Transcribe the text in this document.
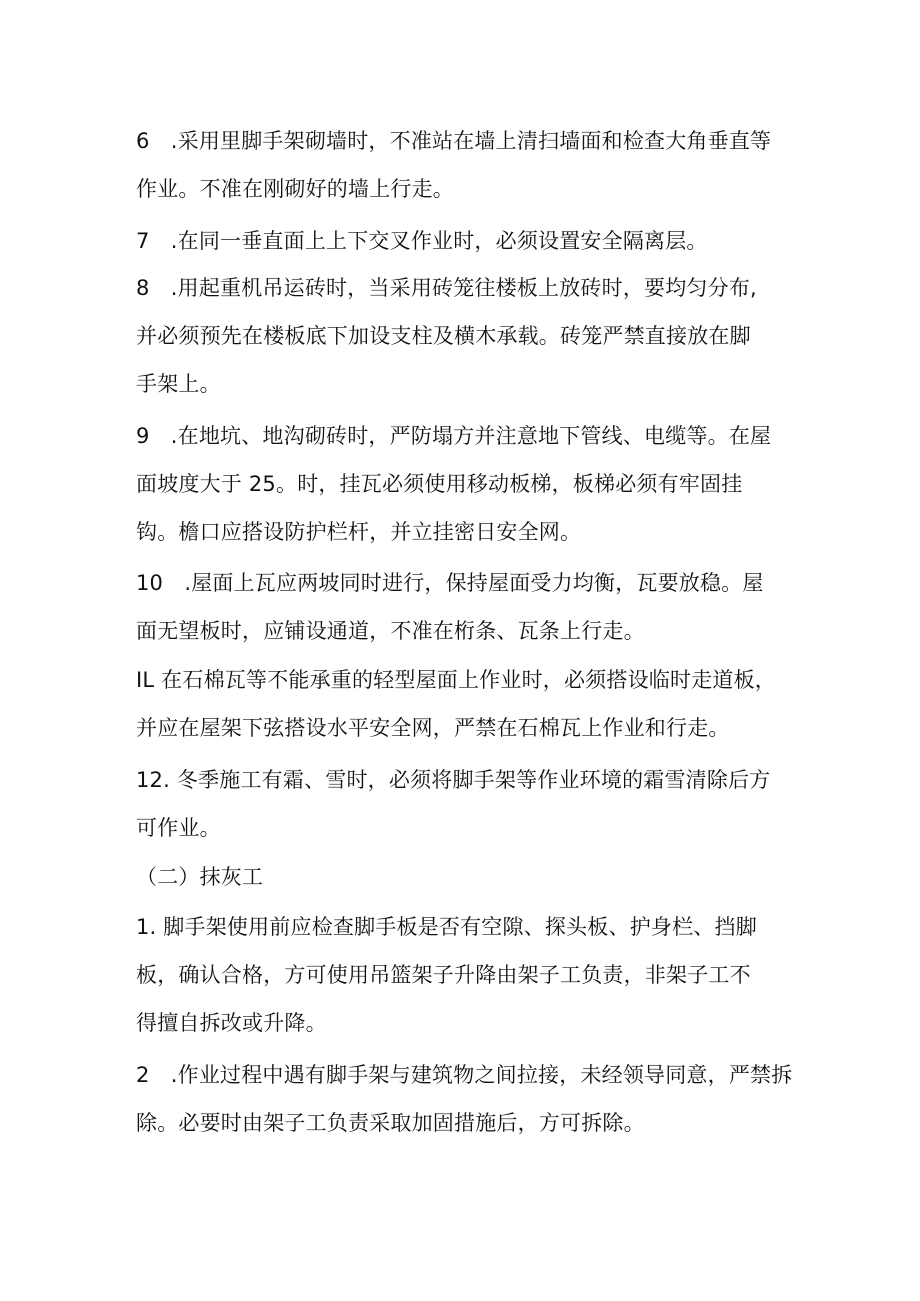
6　.采用里脚手架砌墙时，不准站在墙上清扫墙面和检查大角垂直等
作业。不准在刚砌好的墙上行走。
7　.在同一垂直面上上下交叉作业时，必须设置安全隔离层。
8　.用起重机吊运砖时，当采用砖笼往楼板上放砖时，要均匀分布,
并必须预先在楼板底下加设支柱及横木承载。砖笼严禁直接放在脚
手架上。
9　.在地坑、地沟砌砖时，严防塌方并注意地下管线、电缆等。在屋
面坡度大于 25。时，挂瓦必须使用移动板梯，板梯必须有牢固挂
钩。檐口应搭设防护栏杆，并立挂密日安全网。
10　.屋面上瓦应两坡同时进行，保持屋面受力均衡，瓦要放稳。屋
面无望板时，应铺设通道，不准在桁条、瓦条上行走。
IL 在石棉瓦等不能承重的轻型屋面上作业时，必须搭设临时走道板，
并应在屋架下弦搭设水平安全网，严禁在石棉瓦上作业和行走。
12. 冬季施工有霜、雪时，必须将脚手架等作业环境的霜雪清除后方
可作业。
（二）抹灰工
1. 脚手架使用前应检查脚手板是否有空隙、探头板、护身栏、挡脚
板，确认合格，方可使用吊篮架子升降由架子工负责，非架子工不
得擅自拆改或升降。
2　.作业过程中遇有脚手架与建筑物之间拉接，未经领导同意，严禁拆
除。必要时由架子工负责采取加固措施后，方可拆除。
